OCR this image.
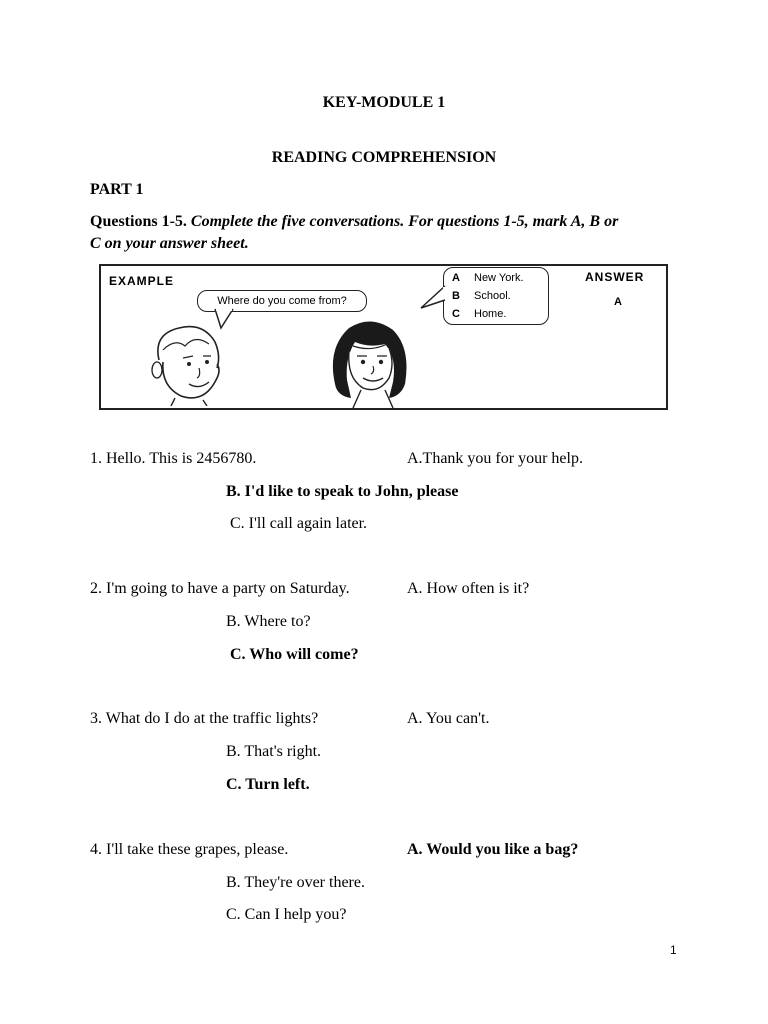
KEY-MODULE 1
READING COMPREHENSION
PART 1
Questions 1-5. Complete the five conversations. For questions 1-5, mark A, B or
C on your answer sheet.
EXAMPLE
Where do you come from?
A New York.
B School.
C Home.
ANSWER
A
1. Hello. This is 2456780.	A.Thank you for your help.
B. I'd like to speak to John, please
C. I'll call again later.
2. I'm going to have a party on Saturday.	A. How often is it?
B. Where to?
C. Who will come?
3. What do I do at the traffic lights?	A. You can't.
B. That's right.
C. Turn left.
4. I'll take these grapes, please.	A. Would you like a bag?
B. They're over there.
C. Can I help you?
1
